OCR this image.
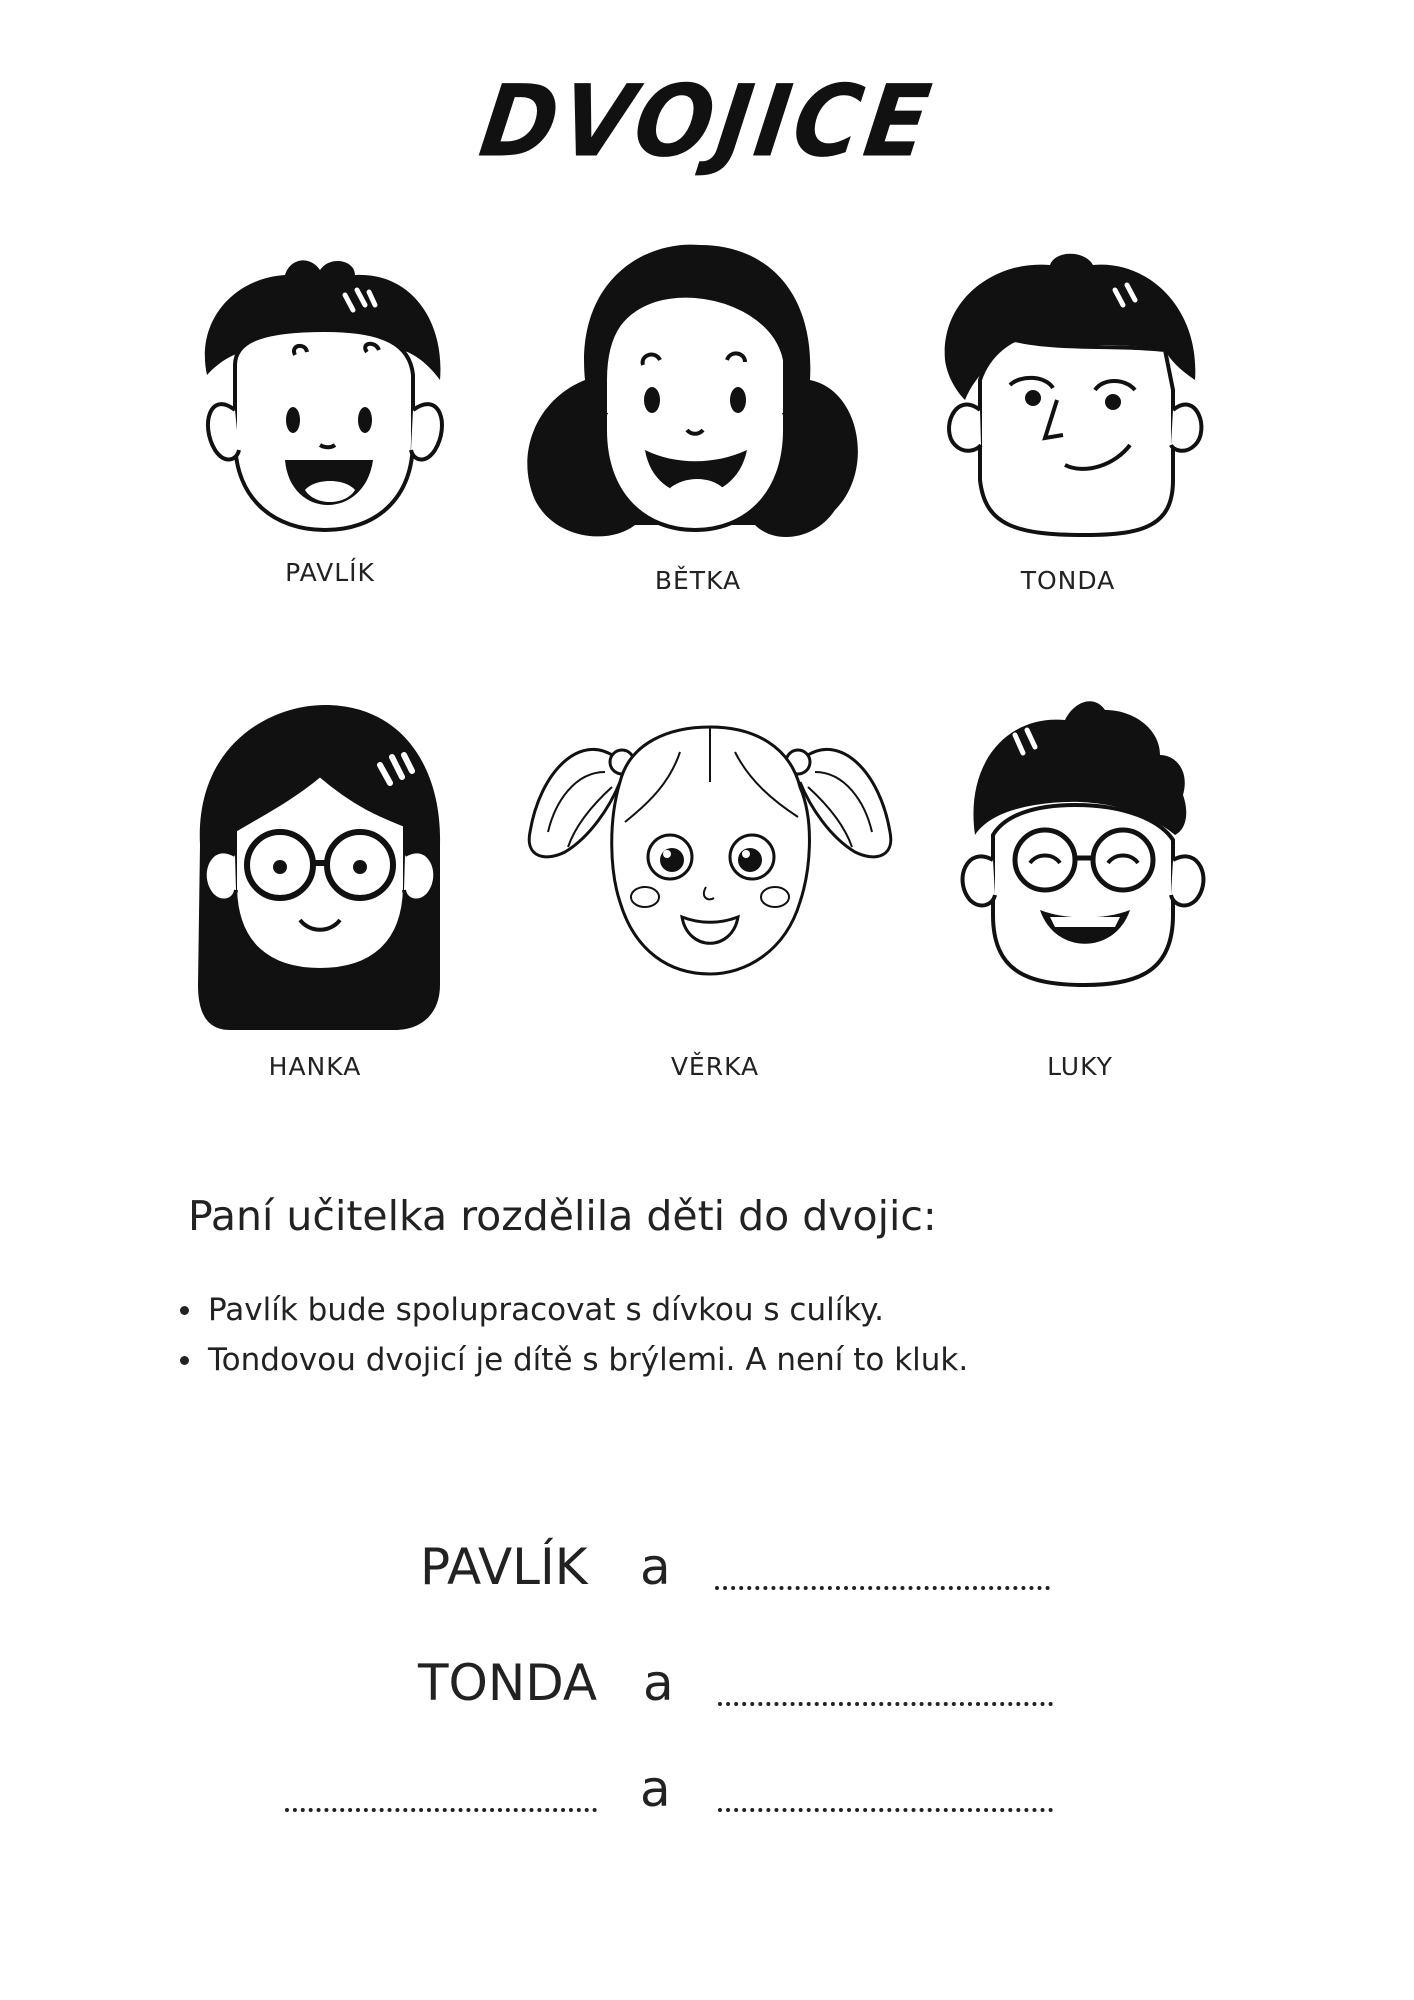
DVOJICE
PAVLÍK	BĚTKA	TONDA
HANKA	VĚRKA	LUKY
Paní učitelka rozdělila děti do dvojic:
Pavlík bude spolupracovat s dívkou s culíky.
Tondovou dvojicí je dítě s brýlemi. A není to kluk.
PAVLÍK a
TONDA a
a
